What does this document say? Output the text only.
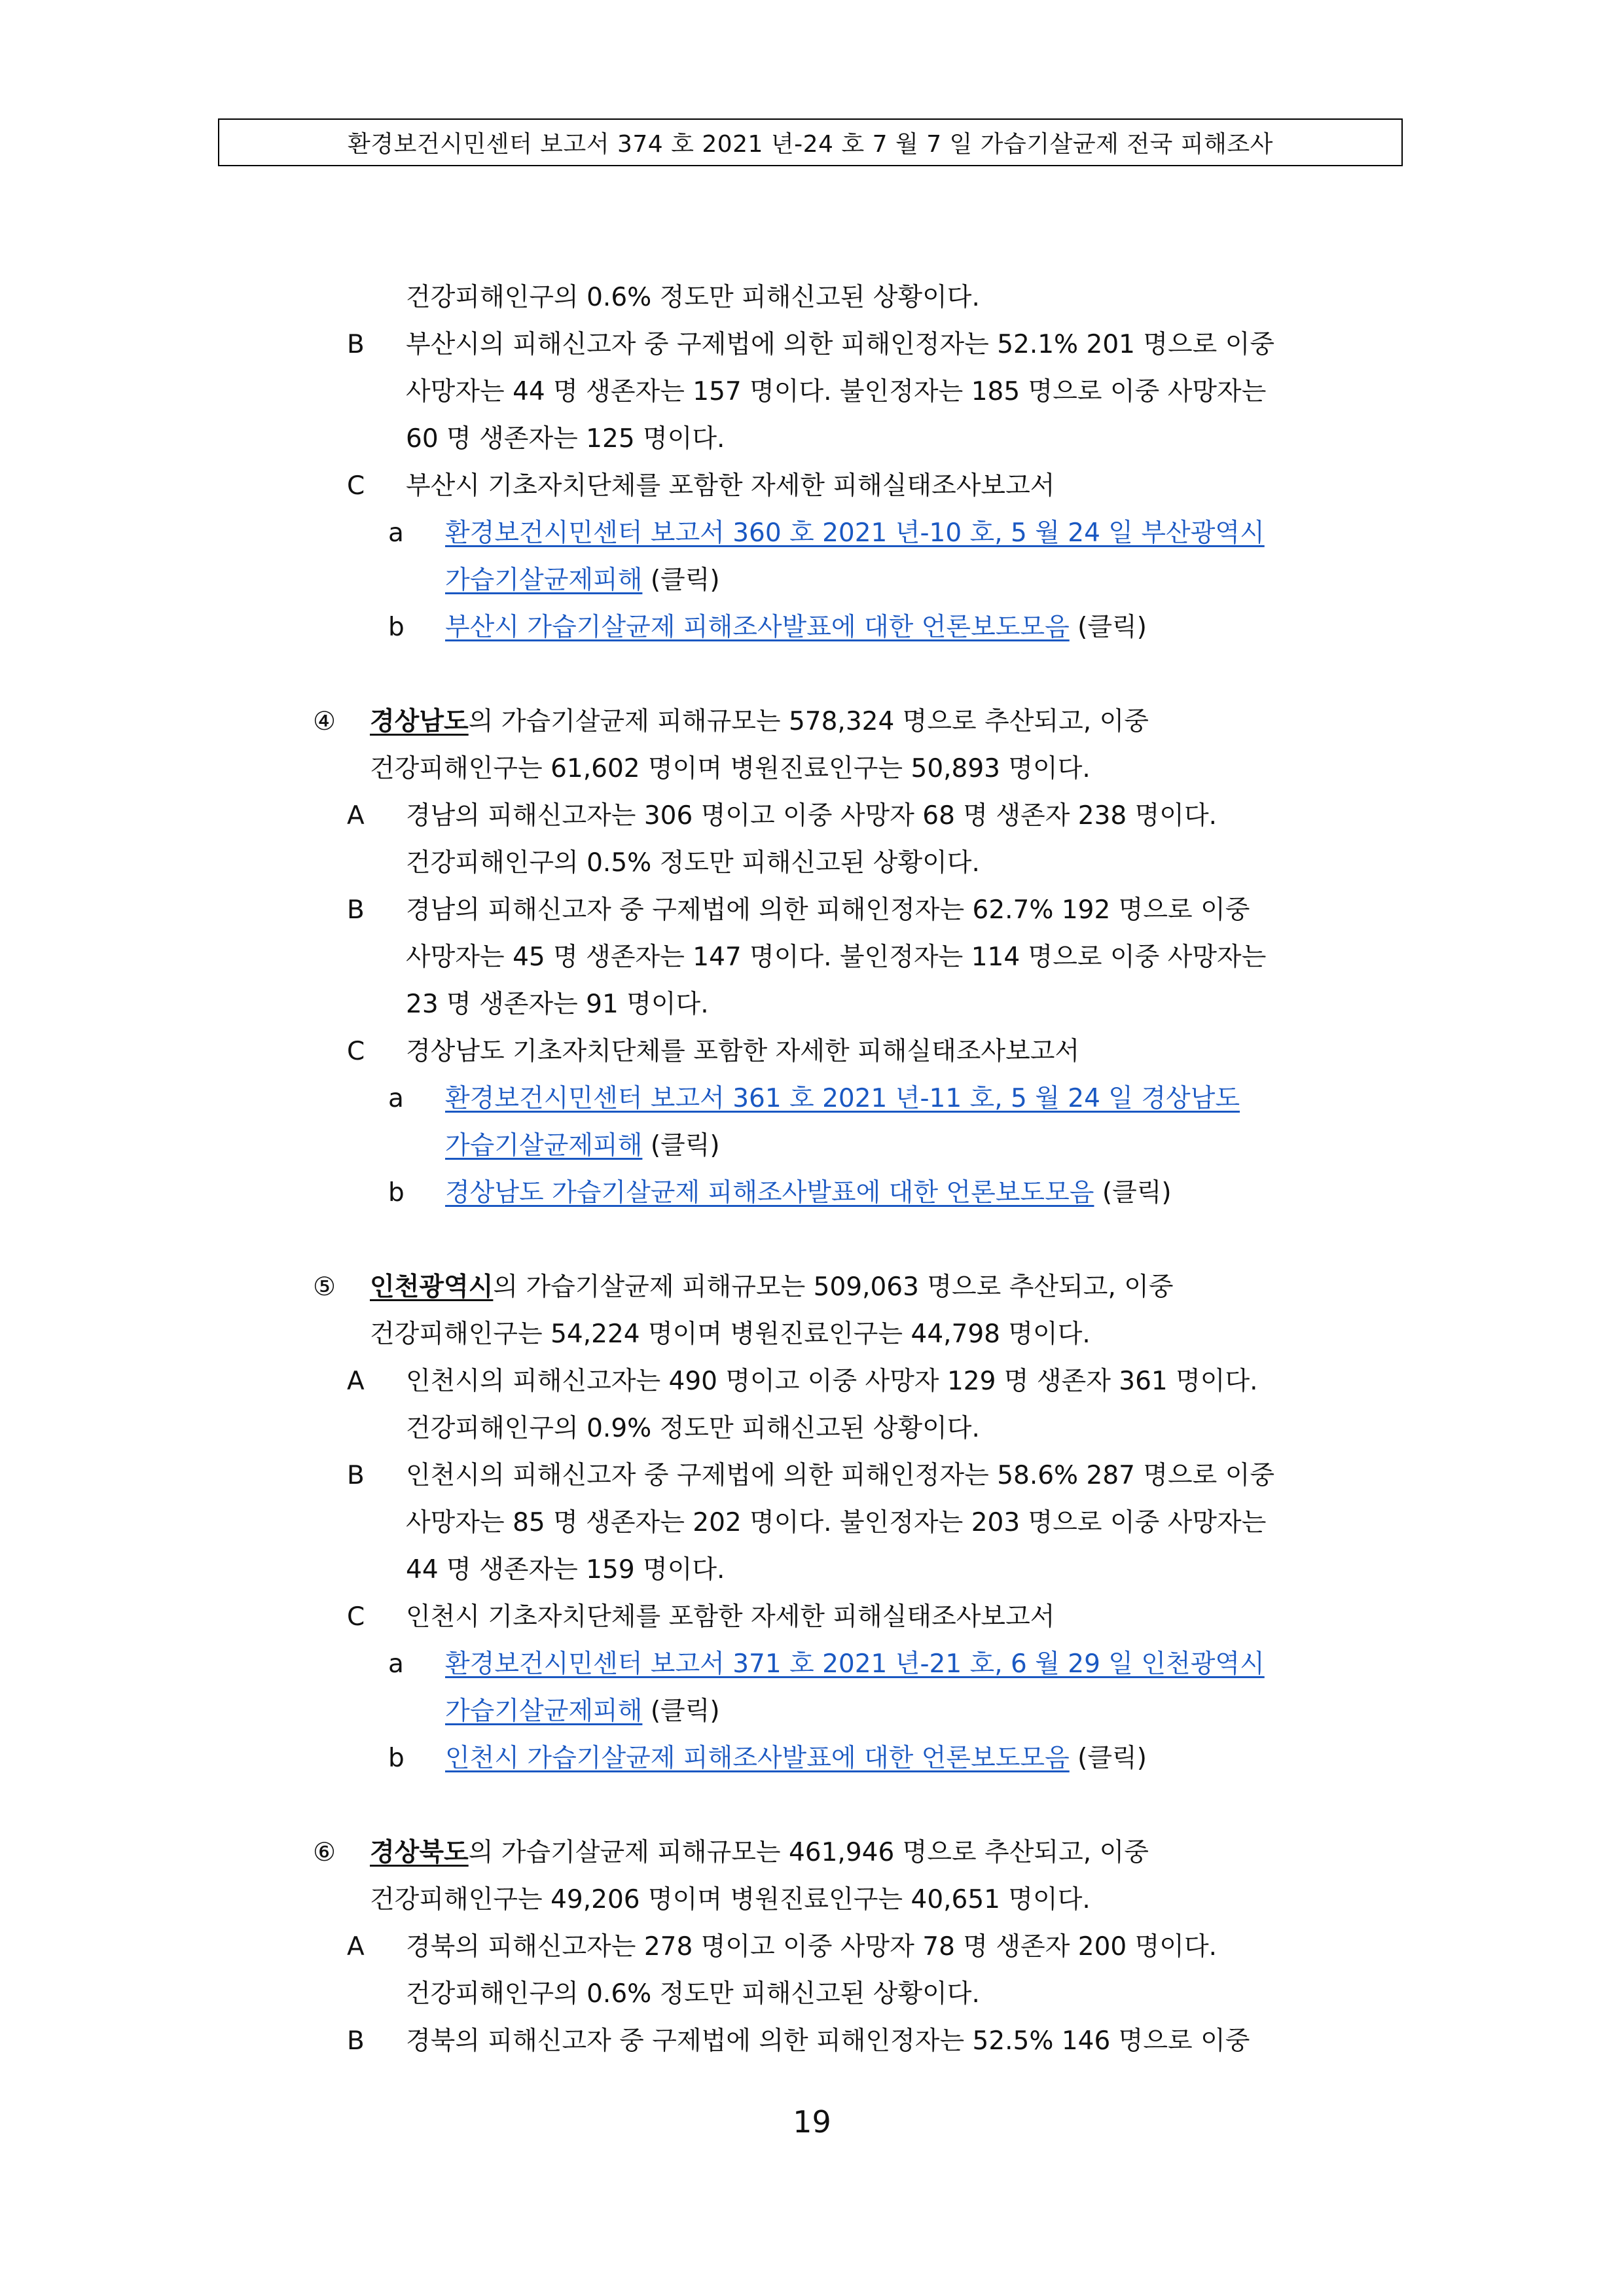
환경보건시민센터 보고서 374 호 2021 년-24 호 7 월 7 일 가습기살균제 전국 피해조사
건강피해인구의 0.6% 정도만 피해신고된 상황이다.
B 부산시의 피해신고자 중 구제법에 의한 피해인정자는 52.1% 201 명으로 이중
사망자는 44 명 생존자는 157 명이다. 불인정자는 185 명으로 이중 사망자는
60 명 생존자는 125 명이다.
C 부산시 기초자치단체를 포함한 자세한 피해실태조사보고서
a 환경보건시민센터 보고서 360 호 2021 년-10 호, 5 월 24 일 부산광역시
가습기살균제피해 (클릭)
b 부산시 가습기살균제 피해조사발표에 대한 언론보도모음 (클릭)
④ 경상남도의 가습기살균제 피해규모는 578,324 명으로 추산되고, 이중
건강피해인구는 61,602 명이며 병원진료인구는 50,893 명이다.
A 경남의 피해신고자는 306 명이고 이중 사망자 68 명 생존자 238 명이다.
건강피해인구의 0.5% 정도만 피해신고된 상황이다.
B 경남의 피해신고자 중 구제법에 의한 피해인정자는 62.7% 192 명으로 이중
사망자는 45 명 생존자는 147 명이다. 불인정자는 114 명으로 이중 사망자는
23 명 생존자는 91 명이다.
C 경상남도 기초자치단체를 포함한 자세한 피해실태조사보고서
a 환경보건시민센터 보고서 361 호 2021 년-11 호, 5 월 24 일 경상남도
가습기살균제피해 (클릭)
b 경상남도 가습기살균제 피해조사발표에 대한 언론보도모음 (클릭)
⑤ 인천광역시의 가습기살균제 피해규모는 509,063 명으로 추산되고, 이중
건강피해인구는 54,224 명이며 병원진료인구는 44,798 명이다.
A 인천시의 피해신고자는 490 명이고 이중 사망자 129 명 생존자 361 명이다.
건강피해인구의 0.9% 정도만 피해신고된 상황이다.
B 인천시의 피해신고자 중 구제법에 의한 피해인정자는 58.6% 287 명으로 이중
사망자는 85 명 생존자는 202 명이다. 불인정자는 203 명으로 이중 사망자는
44 명 생존자는 159 명이다.
C 인천시 기초자치단체를 포함한 자세한 피해실태조사보고서
a 환경보건시민센터 보고서 371 호 2021 년-21 호, 6 월 29 일 인천광역시
가습기살균제피해 (클릭)
b 인천시 가습기살균제 피해조사발표에 대한 언론보도모음 (클릭)
⑥ 경상북도의 가습기살균제 피해규모는 461,946 명으로 추산되고, 이중
건강피해인구는 49,206 명이며 병원진료인구는 40,651 명이다.
A 경북의 피해신고자는 278 명이고 이중 사망자 78 명 생존자 200 명이다.
건강피해인구의 0.6% 정도만 피해신고된 상황이다.
B 경북의 피해신고자 중 구제법에 의한 피해인정자는 52.5% 146 명으로 이중
19
